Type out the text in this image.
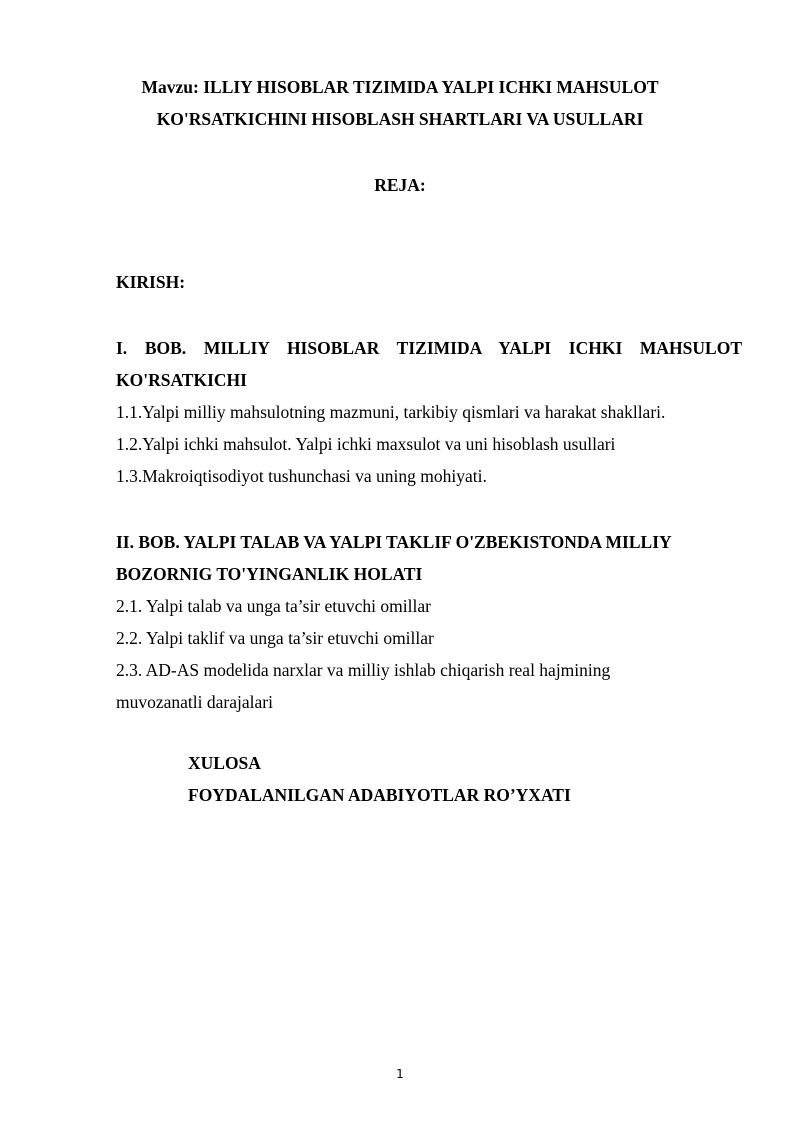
Mavzu: ILLIY HISOBLAR TIZIMIDA YALPI ICHKI MAHSULOT
KO'RSATKICHINI HISOBLASH SHARTLARI VA USULLARI
REJA:
KIRISH:
I. BOB. MILLIY HISOBLAR TIZIMIDA YALPI ICHKI MAHSULOT
KO'RSATKICHI
1.1.Yalpi milliy mahsulotning mazmuni, tarkibiy qismlari va harakat shakllari.
1.2.Yalpi ichki mahsulot. Yalpi ichki maxsulot va uni hisoblash usullari
1.3.Makroiqtisodiyot tushunchasi va uning mohiyati.
II. BOB. YALPI TALAB VA YALPI TAKLIF O'ZBEKISTONDA MILLIY
BOZORNIG TO'YINGANLIK HOLATI
2.1. Yalpi talab va unga ta’sir etuvchi omillar
2.2. Yalpi taklif va unga ta’sir etuvchi omillar
2.3. AD-AS modelida narxlar va milliy ishlab chiqarish real hajmining
muvozanatli darajalari
XULOSA
FOYDALANILGAN ADABIYOTLAR RO’YXATI
1
